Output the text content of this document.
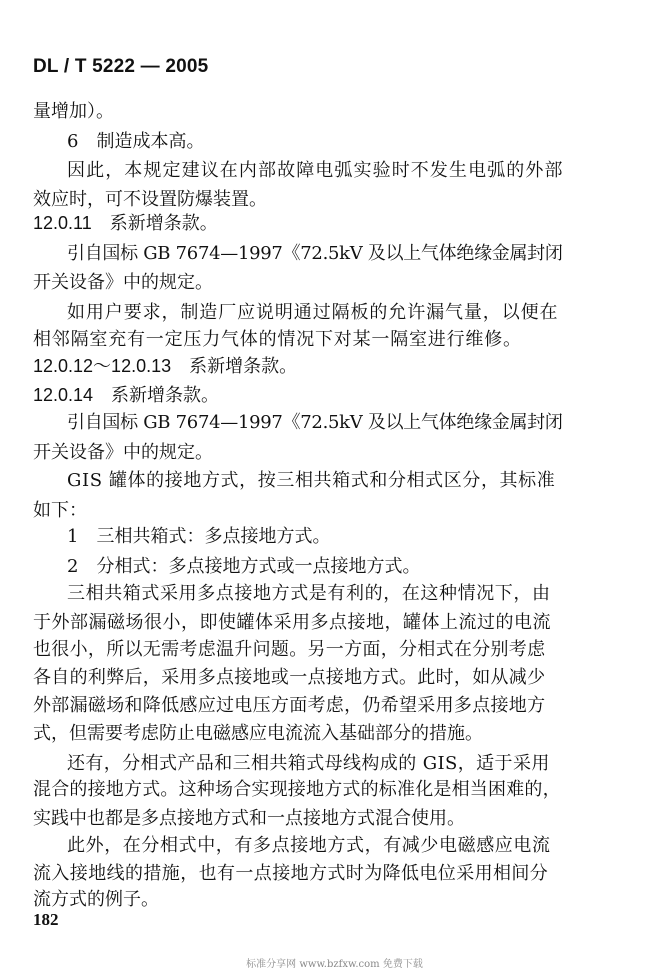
DL / T 5222 — 2005
量增加）。
6　制造成本高。
因此，本规定建议在内部故障电弧实验时不发生电弧的外部
效应时，可不设置防爆装置。
12.0.11　系新增条款。
引自国标 GB 7674—1997《72.5kV 及以上气体绝缘金属封闭
开关设备》中的规定。
如用户要求，制造厂应说明通过隔板的允许漏气量，以便在
相邻隔室充有一定压力气体的情况下对某一隔室进行维修。
12.0.12～12.0.13　系新增条款。
12.0.14　系新增条款。
引自国标 GB 7674—1997《72.5kV 及以上气体绝缘金属封闭
开关设备》中的规定。
GIS 罐体的接地方式，按三相共箱式和分相式区分，其标准
如下：
1　三相共箱式：多点接地方式。
2　分相式：多点接地方式或一点接地方式。
三相共箱式采用多点接地方式是有利的，在这种情况下，由
于外部漏磁场很小，即使罐体采用多点接地，罐体上流过的电流
也很小，所以无需考虑温升问题。另一方面，分相式在分别考虑
各自的利弊后，采用多点接地或一点接地方式。此时，如从减少
外部漏磁场和降低感应过电压方面考虑，仍希望采用多点接地方
式，但需要考虑防止电磁感应电流流入基础部分的措施。
还有，分相式产品和三相共箱式母线构成的 GIS，适于采用
混合的接地方式。这种场合实现接地方式的标准化是相当困难的，
实践中也都是多点接地方式和一点接地方式混合使用。
此外，在分相式中，有多点接地方式，有减少电磁感应电流
流入接地线的措施，也有一点接地方式时为降低电位采用相间分
流方式的例子。
182
标准分享网 www.bzfxw.com 免费下载
